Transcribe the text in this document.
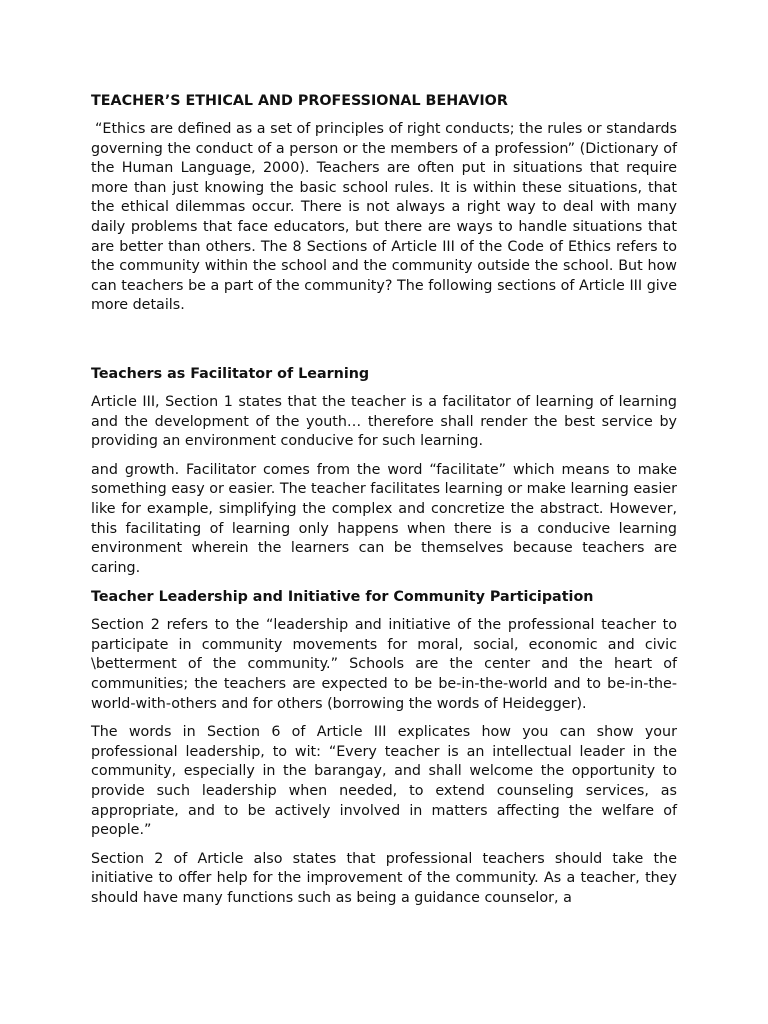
TEACHER’S ETHICAL AND PROFESSIONAL BEHAVIOR

“Ethics are defined as a set of principles of right conducts; the rules or standards governing the conduct of a person or the members of a profession” (Dictionary of the Human Language, 2000). Teachers are often put in situations that require more than just knowing the basic school rules. It is within these situations, that the ethical dilemmas occur. There is not always a right way to deal with many daily problems that face educators, but there are ways to handle situations that are better than others. The 8 Sections of Article III of the Code of Ethics refers to the community within the school and the community outside the school. But how can teachers be a part of the community? The following sections of Article III give more details.

Teachers as Facilitator of Learning

Article III, Section 1 states that the teacher is a facilitator of learning of learning and the development of the youth… therefore shall render the best service by providing an environment conducive for such learning.

and growth. Facilitator comes from the word “facilitate” which means to make something easy or easier. The teacher facilitates learning or make learning easier like for example, simplifying the complex and concretize the abstract. However, this facilitating of learning only happens when there is a conducive learning environment wherein the learners can be themselves because teachers are caring.

Teacher Leadership and Initiative for Community Participation

Section 2 refers to the “leadership and initiative of the professional teacher to participate in community movements for moral, social, economic and civic \betterment of the community.” Schools are the center and the heart of communities; the teachers are expected to be be-in-the-world and to be-in-the-world-with-others and for others (borrowing the words of Heidegger).

The words in Section 6 of Article III explicates how you can show your professional leadership, to wit: “Every teacher is an intellectual leader in the community, especially in the barangay, and shall welcome the opportunity to provide such leadership when needed, to extend counseling services, as appropriate, and to be actively involved in matters affecting the welfare of people.”

Section 2 of Article also states that professional teachers should take the initiative to offer help for the improvement of the community. As a teacher, they should have many functions such as being a guidance counselor, a
